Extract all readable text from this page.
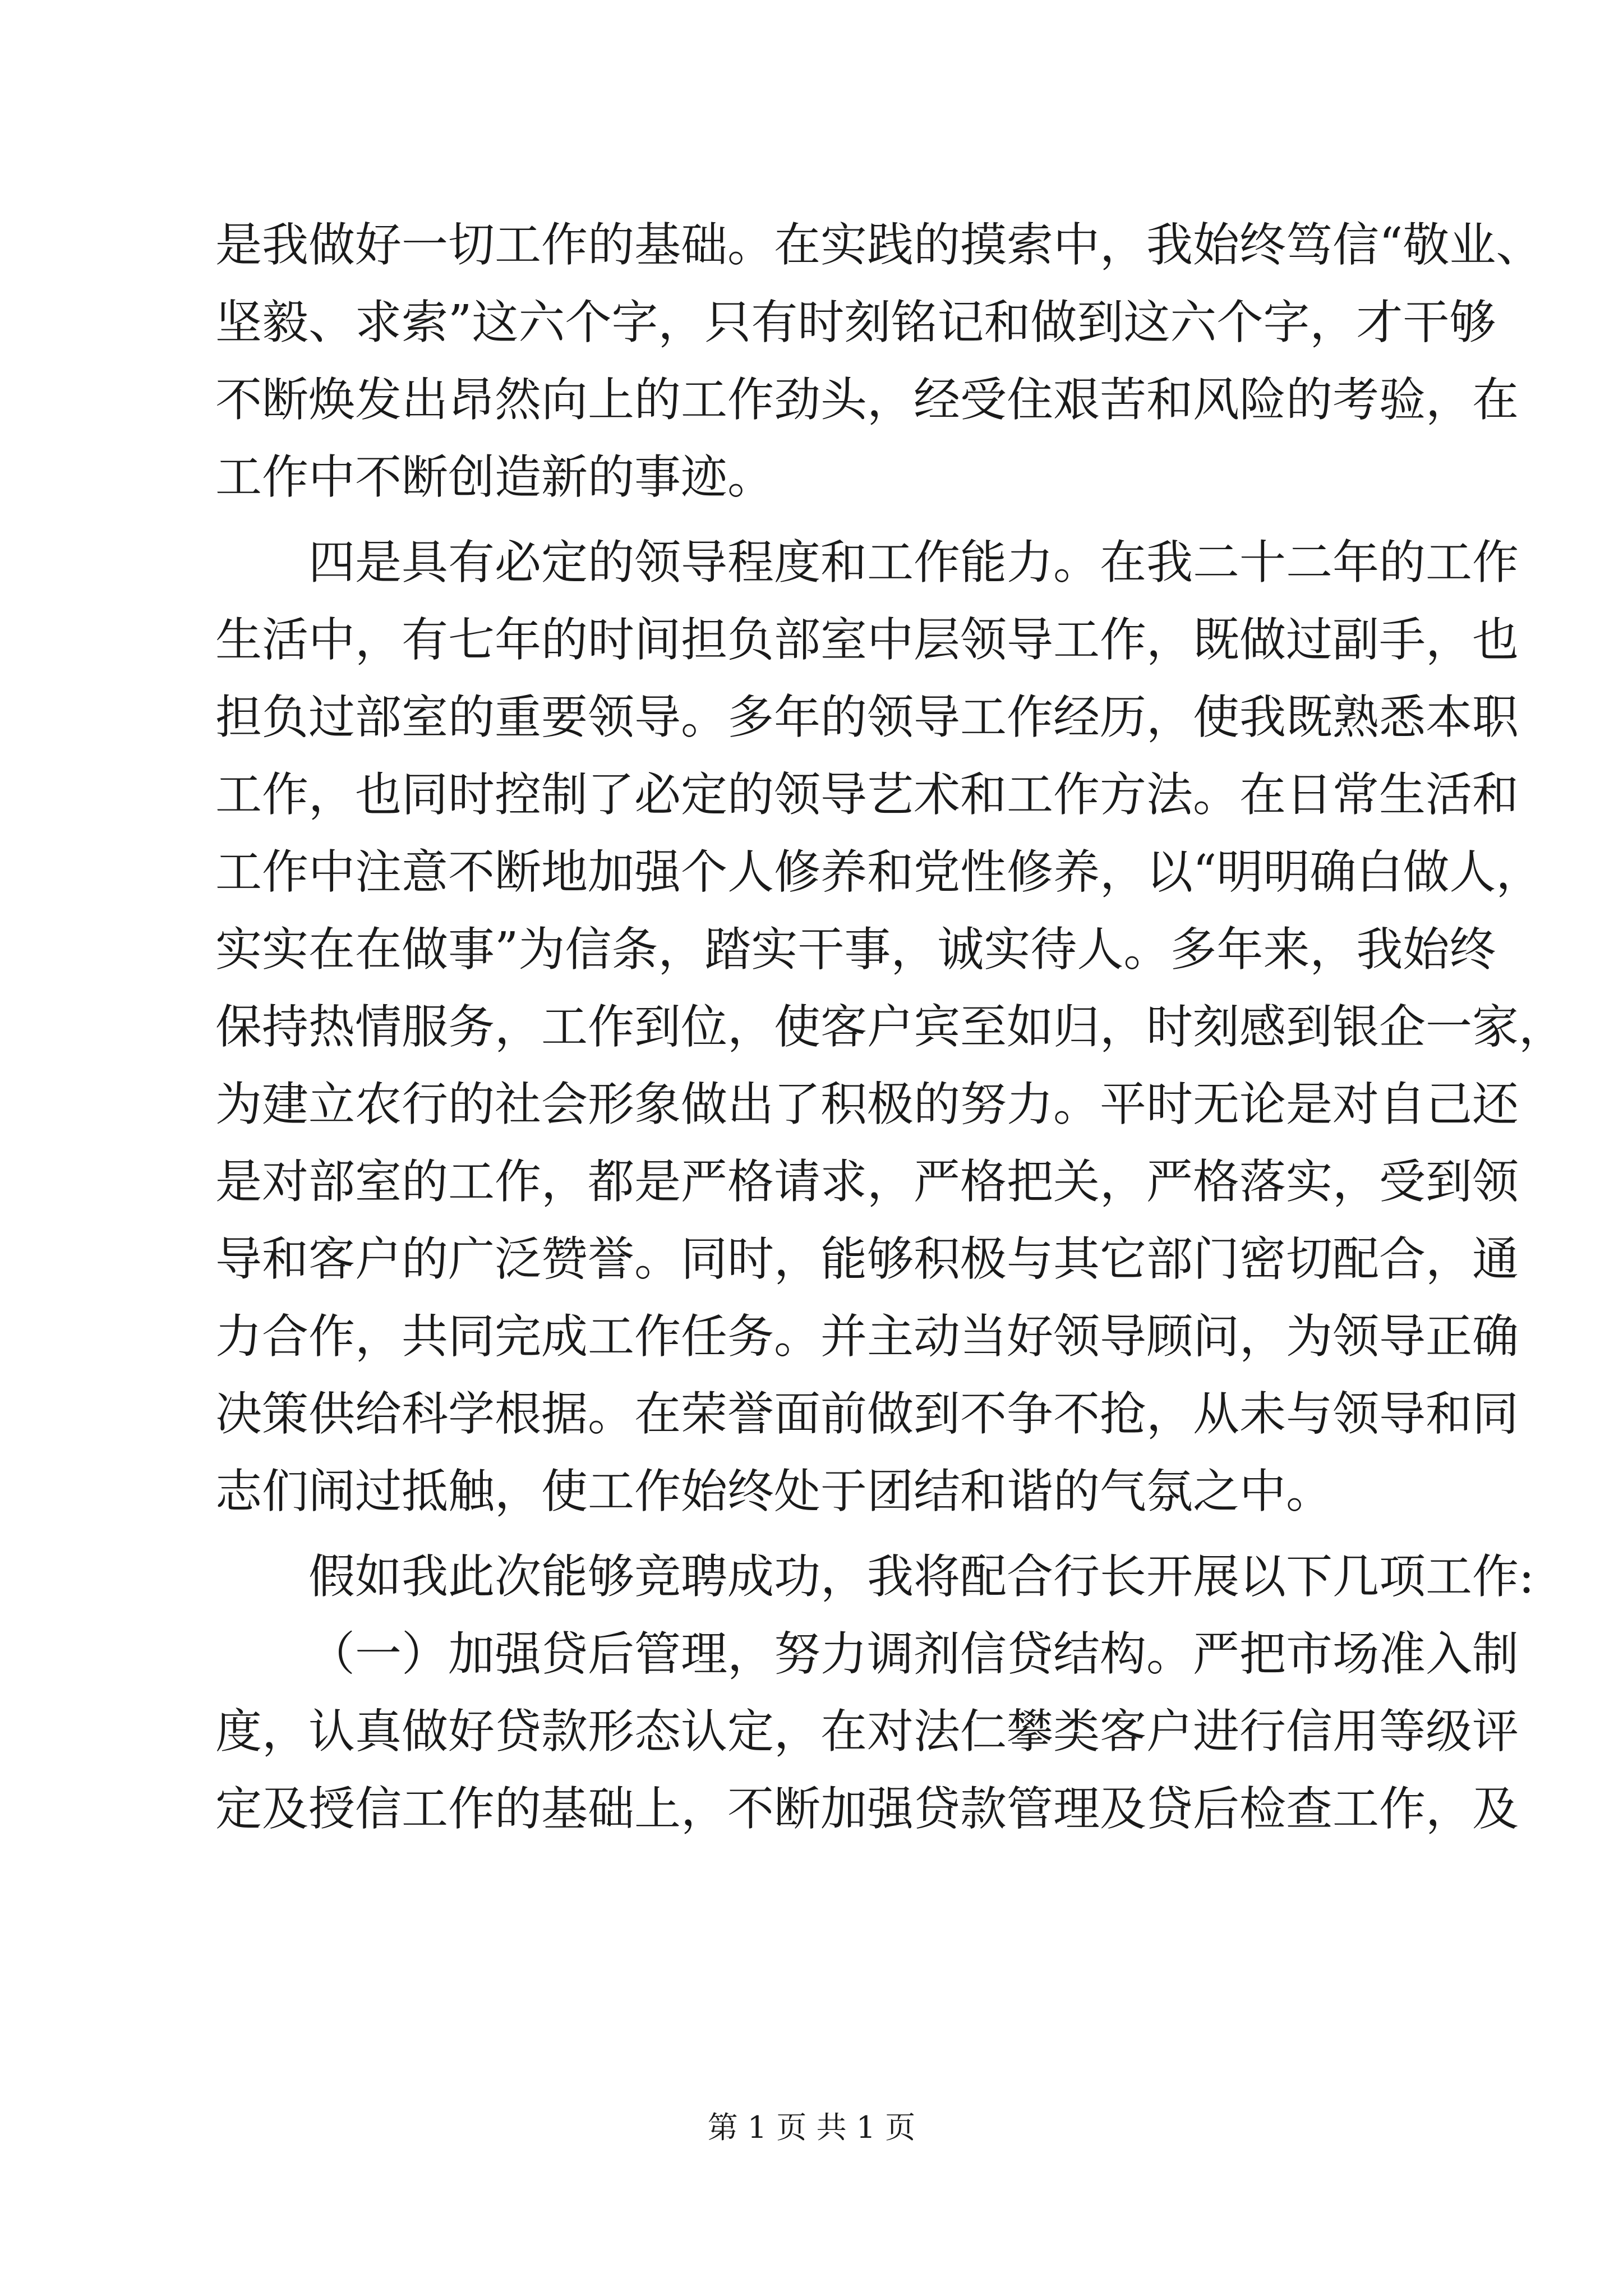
是我做好一切工作的基础。在实践的摸索中，我始终笃信“敬业、
坚毅、求索”这六个字，只有时刻铭记和做到这六个字，才干够
不断焕发出昂然向上的工作劲头，经受住艰苦和风险的考验，在
工作中不断创造新的事迹。
四是具有必定的领导程度和工作能力。在我二十二年的工作
生活中，有七年的时间担负部室中层领导工作，既做过副手，也
担负过部室的重要领导。多年的领导工作经历，使我既熟悉本职
工作，也同时控制了必定的领导艺术和工作方法。在日常生活和
工作中注意不断地加强个人修养和党性修养，以“明明确白做人，
实实在在做事”为信条，踏实干事，诚实待人。多年来，我始终
保持热情服务，工作到位，使客户宾至如归，时刻感到银企一家，
为建立农行的社会形象做出了积极的努力。平时无论是对自己还
是对部室的工作，都是严格请求，严格把关，严格落实，受到领
导和客户的广泛赞誉。同时，能够积极与其它部门密切配合，通
力合作，共同完成工作任务。并主动当好领导顾问，为领导正确
决策供给科学根据。在荣誉面前做到不争不抢，从未与领导和同
志们闹过抵触，使工作始终处于团结和谐的气氛之中。
假如我此次能够竞聘成功，我将配合行长开展以下几项工作:
（一）加强贷后管理，努力调剂信贷结构。严把市场准入制
度，认真做好贷款形态认定，在对法仁攀类客户进行信用等级评
定及授信工作的基础上，不断加强贷款管理及贷后检查工作，及
第 1 页 共 1 页
